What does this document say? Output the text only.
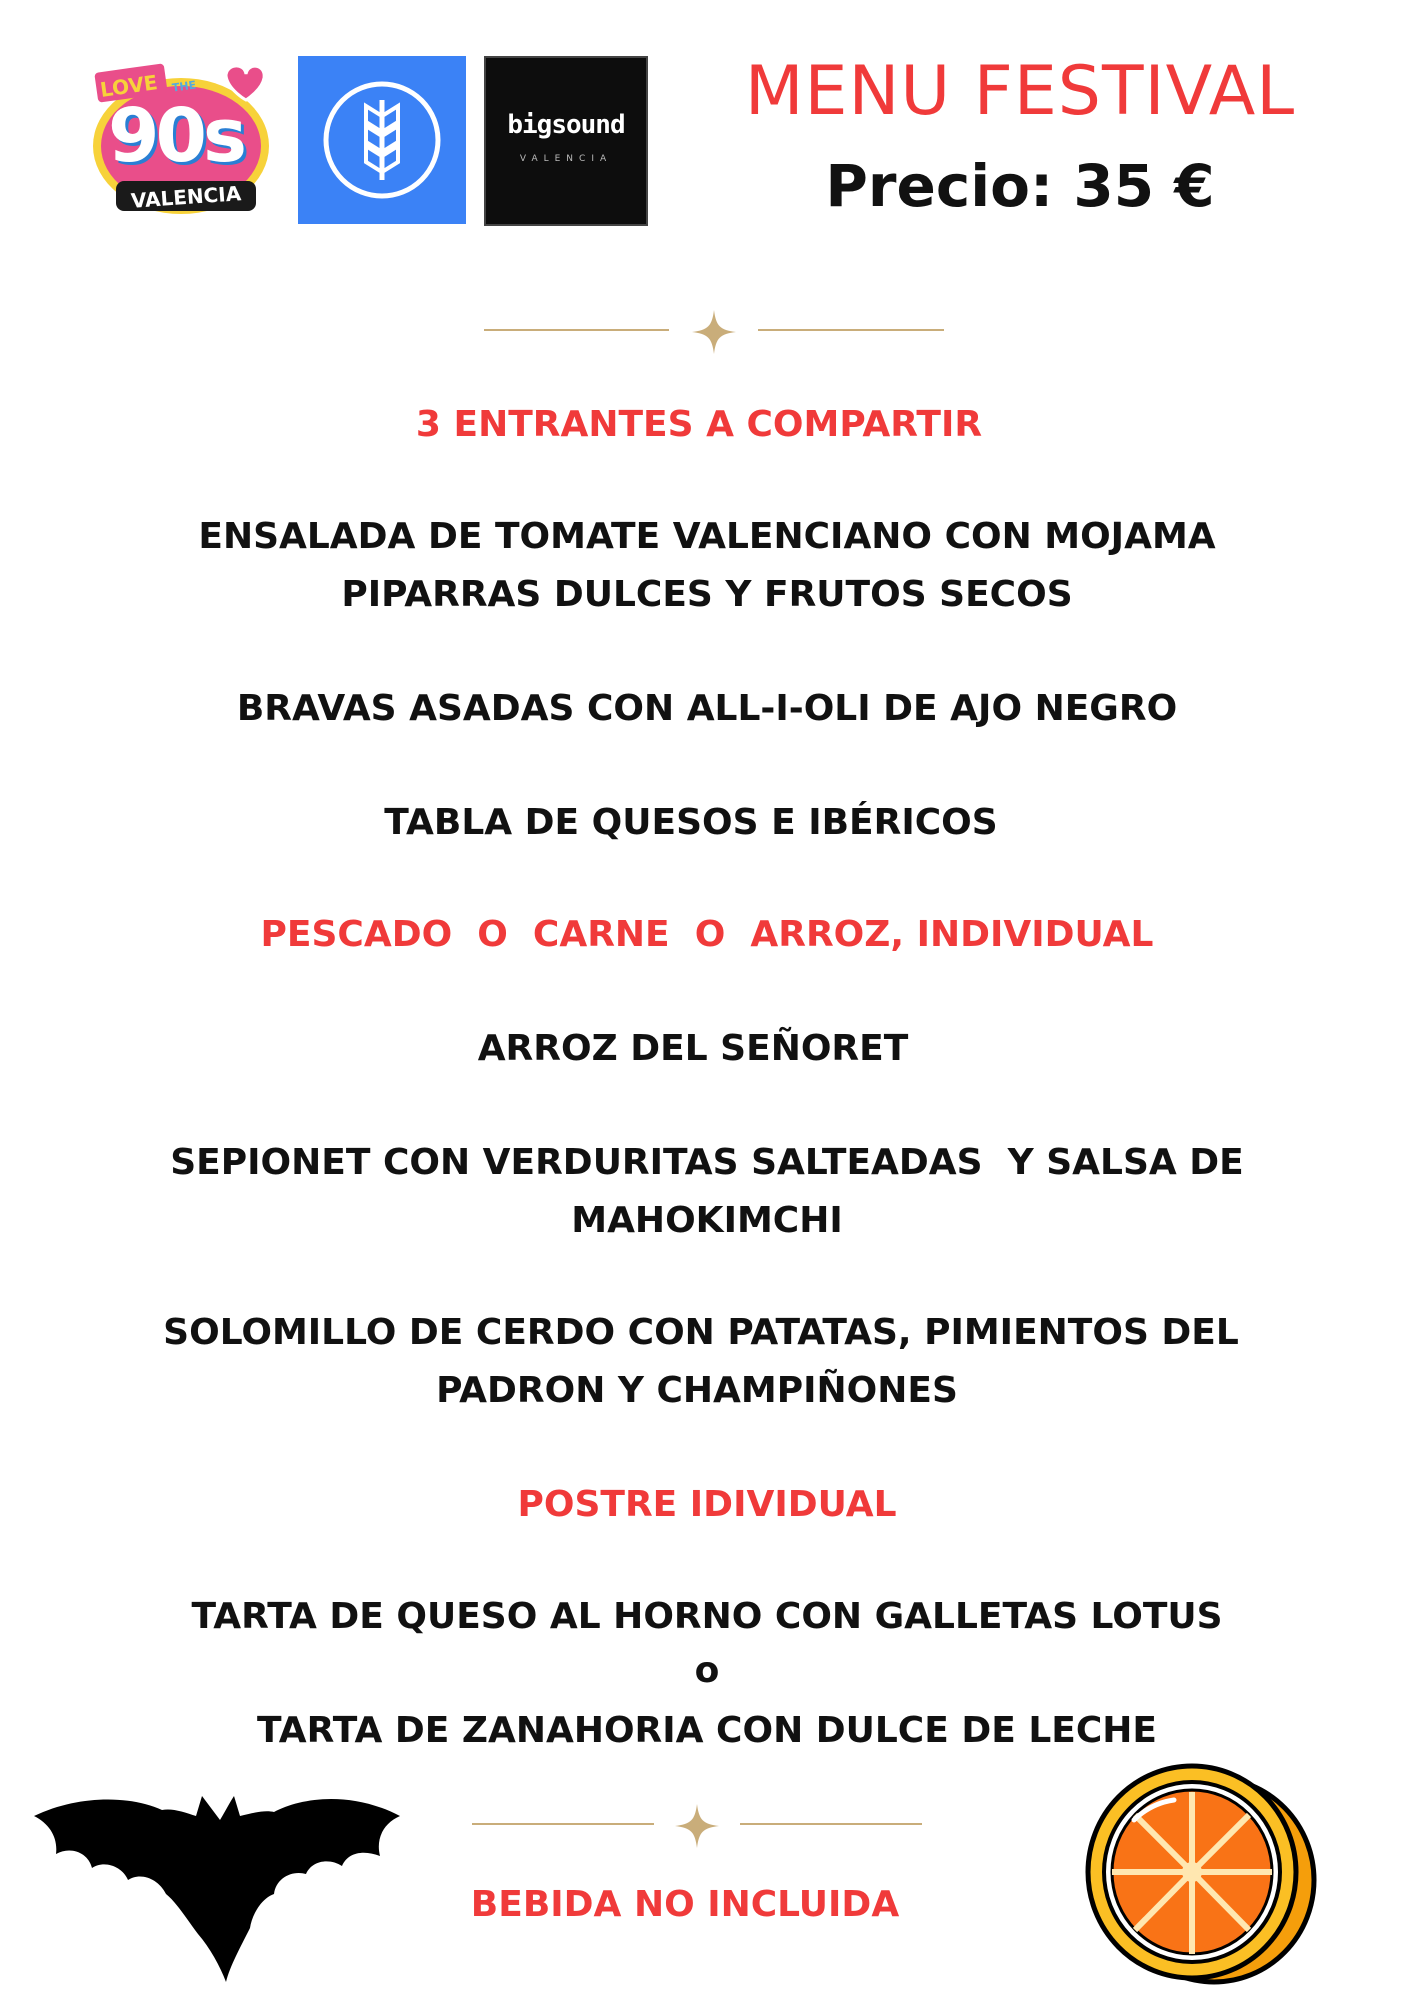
LOVE THE
90s
VALENCIA
bigsound
VALENCIA
MENU FESTIVAL
Precio: 35 €
3 ENTRANTES A COMPARTIR
ENSALADA DE TOMATE VALENCIANO CON MOJAMA
PIPARRAS DULCES Y FRUTOS SECOS
BRAVAS ASADAS CON ALL-I-OLI DE AJO NEGRO
TABLA DE QUESOS E IBÉRICOS
PESCADO  O  CARNE  O  ARROZ, INDIVIDUAL
ARROZ DEL SEÑORET
SEPIONET CON VERDURITAS SALTEADAS  Y SALSA DE
MAHOKIMCHI
SOLOMILLO DE CERDO CON PATATAS, PIMIENTOS DEL
PADRON Y CHAMPIÑONES
POSTRE IDIVIDUAL
TARTA DE QUESO AL HORNO CON GALLETAS LOTUS
o
TARTA DE ZANAHORIA CON DULCE DE LECHE
BEBIDA NO INCLUIDA
